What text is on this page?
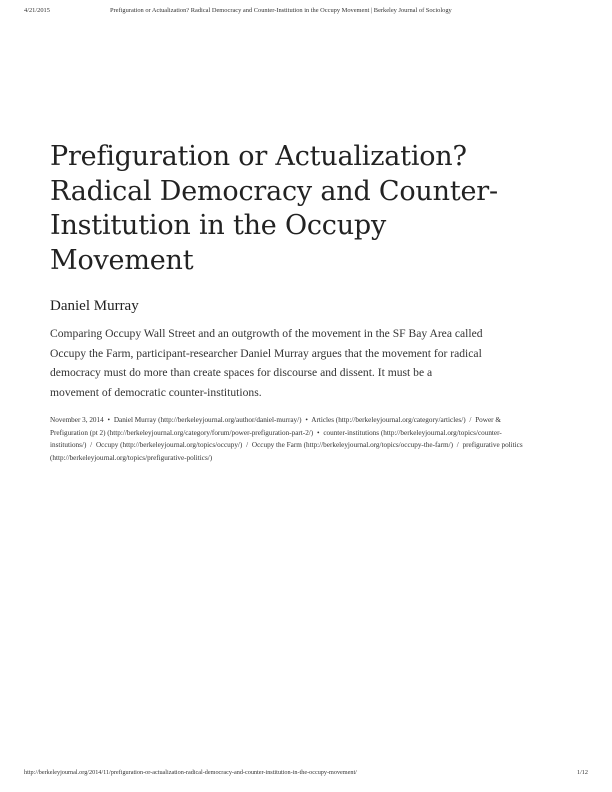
4/21/2015	Prefiguration or Actualization? Radical Democracy and Counter-Institution in the Occupy Movement | Berkeley Journal of Sociology
Prefiguration or Actualization?
Radical Democracy and Counter-
Institution in the Occupy
Movement

Daniel Murray

Comparing Occupy Wall Street and an outgrowth of the movement in the SF Bay Area called
Occupy the Farm, participant-researcher Daniel Murray argues that the movement for radical
democracy must do more than create spaces for discourse and dissent. It must be a
movement of democratic counter-institutions.

November 3, 2014 • Daniel Murray (http://berkeleyjournal.org/author/daniel-murray/) • Articles (http://berkeleyjournal.org/category/articles/) / Power & Prefiguration (pt 2) (http://berkeleyjournal.org/category/forum/power-prefiguration-part-2/) • counter-institutions (http://berkeleyjournal.org/topics/counter-institutions/) / Occupy (http://berkeleyjournal.org/topics/occupy/) / Occupy the Farm (http://berkeleyjournal.org/topics/occupy-the-farm/) / prefigurative politics (http://berkeleyjournal.org/topics/prefigurative-politics/)

http://berkeleyjournal.org/2014/11/prefiguration-or-actualization-radical-democracy-and-counter-institution-in-the-occupy-movement/	1/12
